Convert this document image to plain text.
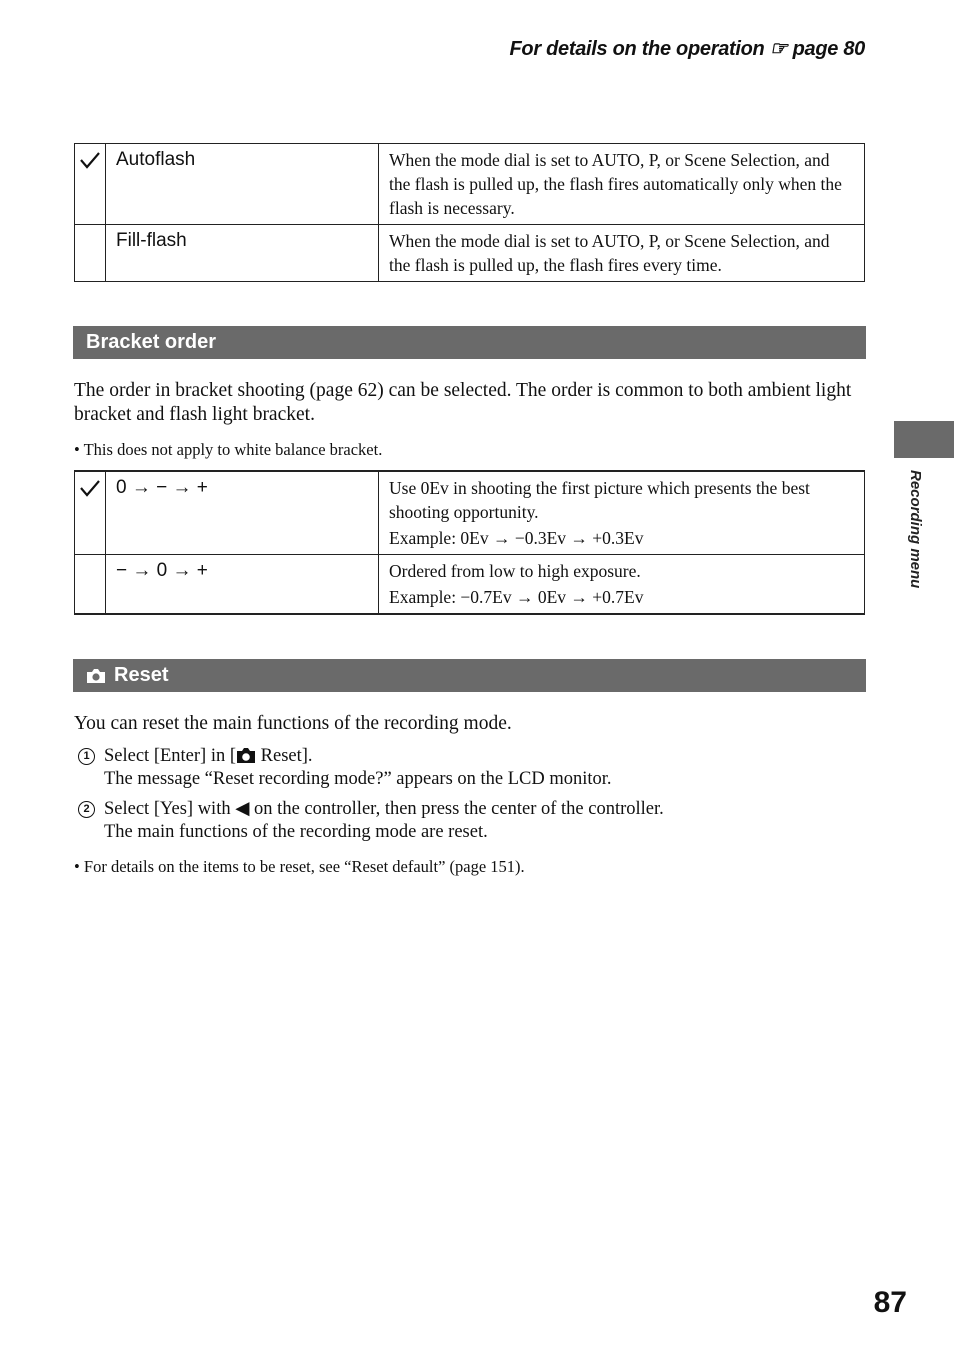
For details on the operation ☞ page 80
	Autoflash	When the mode dial is set to AUTO, P, or Scene Selection, and the flash is pulled up, the flash fires automatically only when the flash is necessary.
	Fill-flash	When the mode dial is set to AUTO, P, or Scene Selection, and the flash is pulled up, the flash fires every time.
Bracket order
The order in bracket shooting (page 62) can be selected. The order is common to both ambient light bracket and flash light bracket.
• This does not apply to white balance bracket.
	0 → − → +	Use 0Ev in shooting the first picture which presents the best shooting opportunity.
Example: 0Ev → −0.3Ev → +0.3Ev

	− → 0 → +	Ordered from low to high exposure.
Example: −0.7Ev → 0Ev → +0.7Ev
Reset
You can reset the main functions of the recording mode.
1 Select [Enter] in [ Reset].
The message “Reset recording mode?” appears on the LCD monitor.
2 Select [Yes] with ◀ on the controller, then press the center of the controller.
The main functions of the recording mode are reset.
• For details on the items to be reset, see “Reset default” (page 151).
Recording menu
87
